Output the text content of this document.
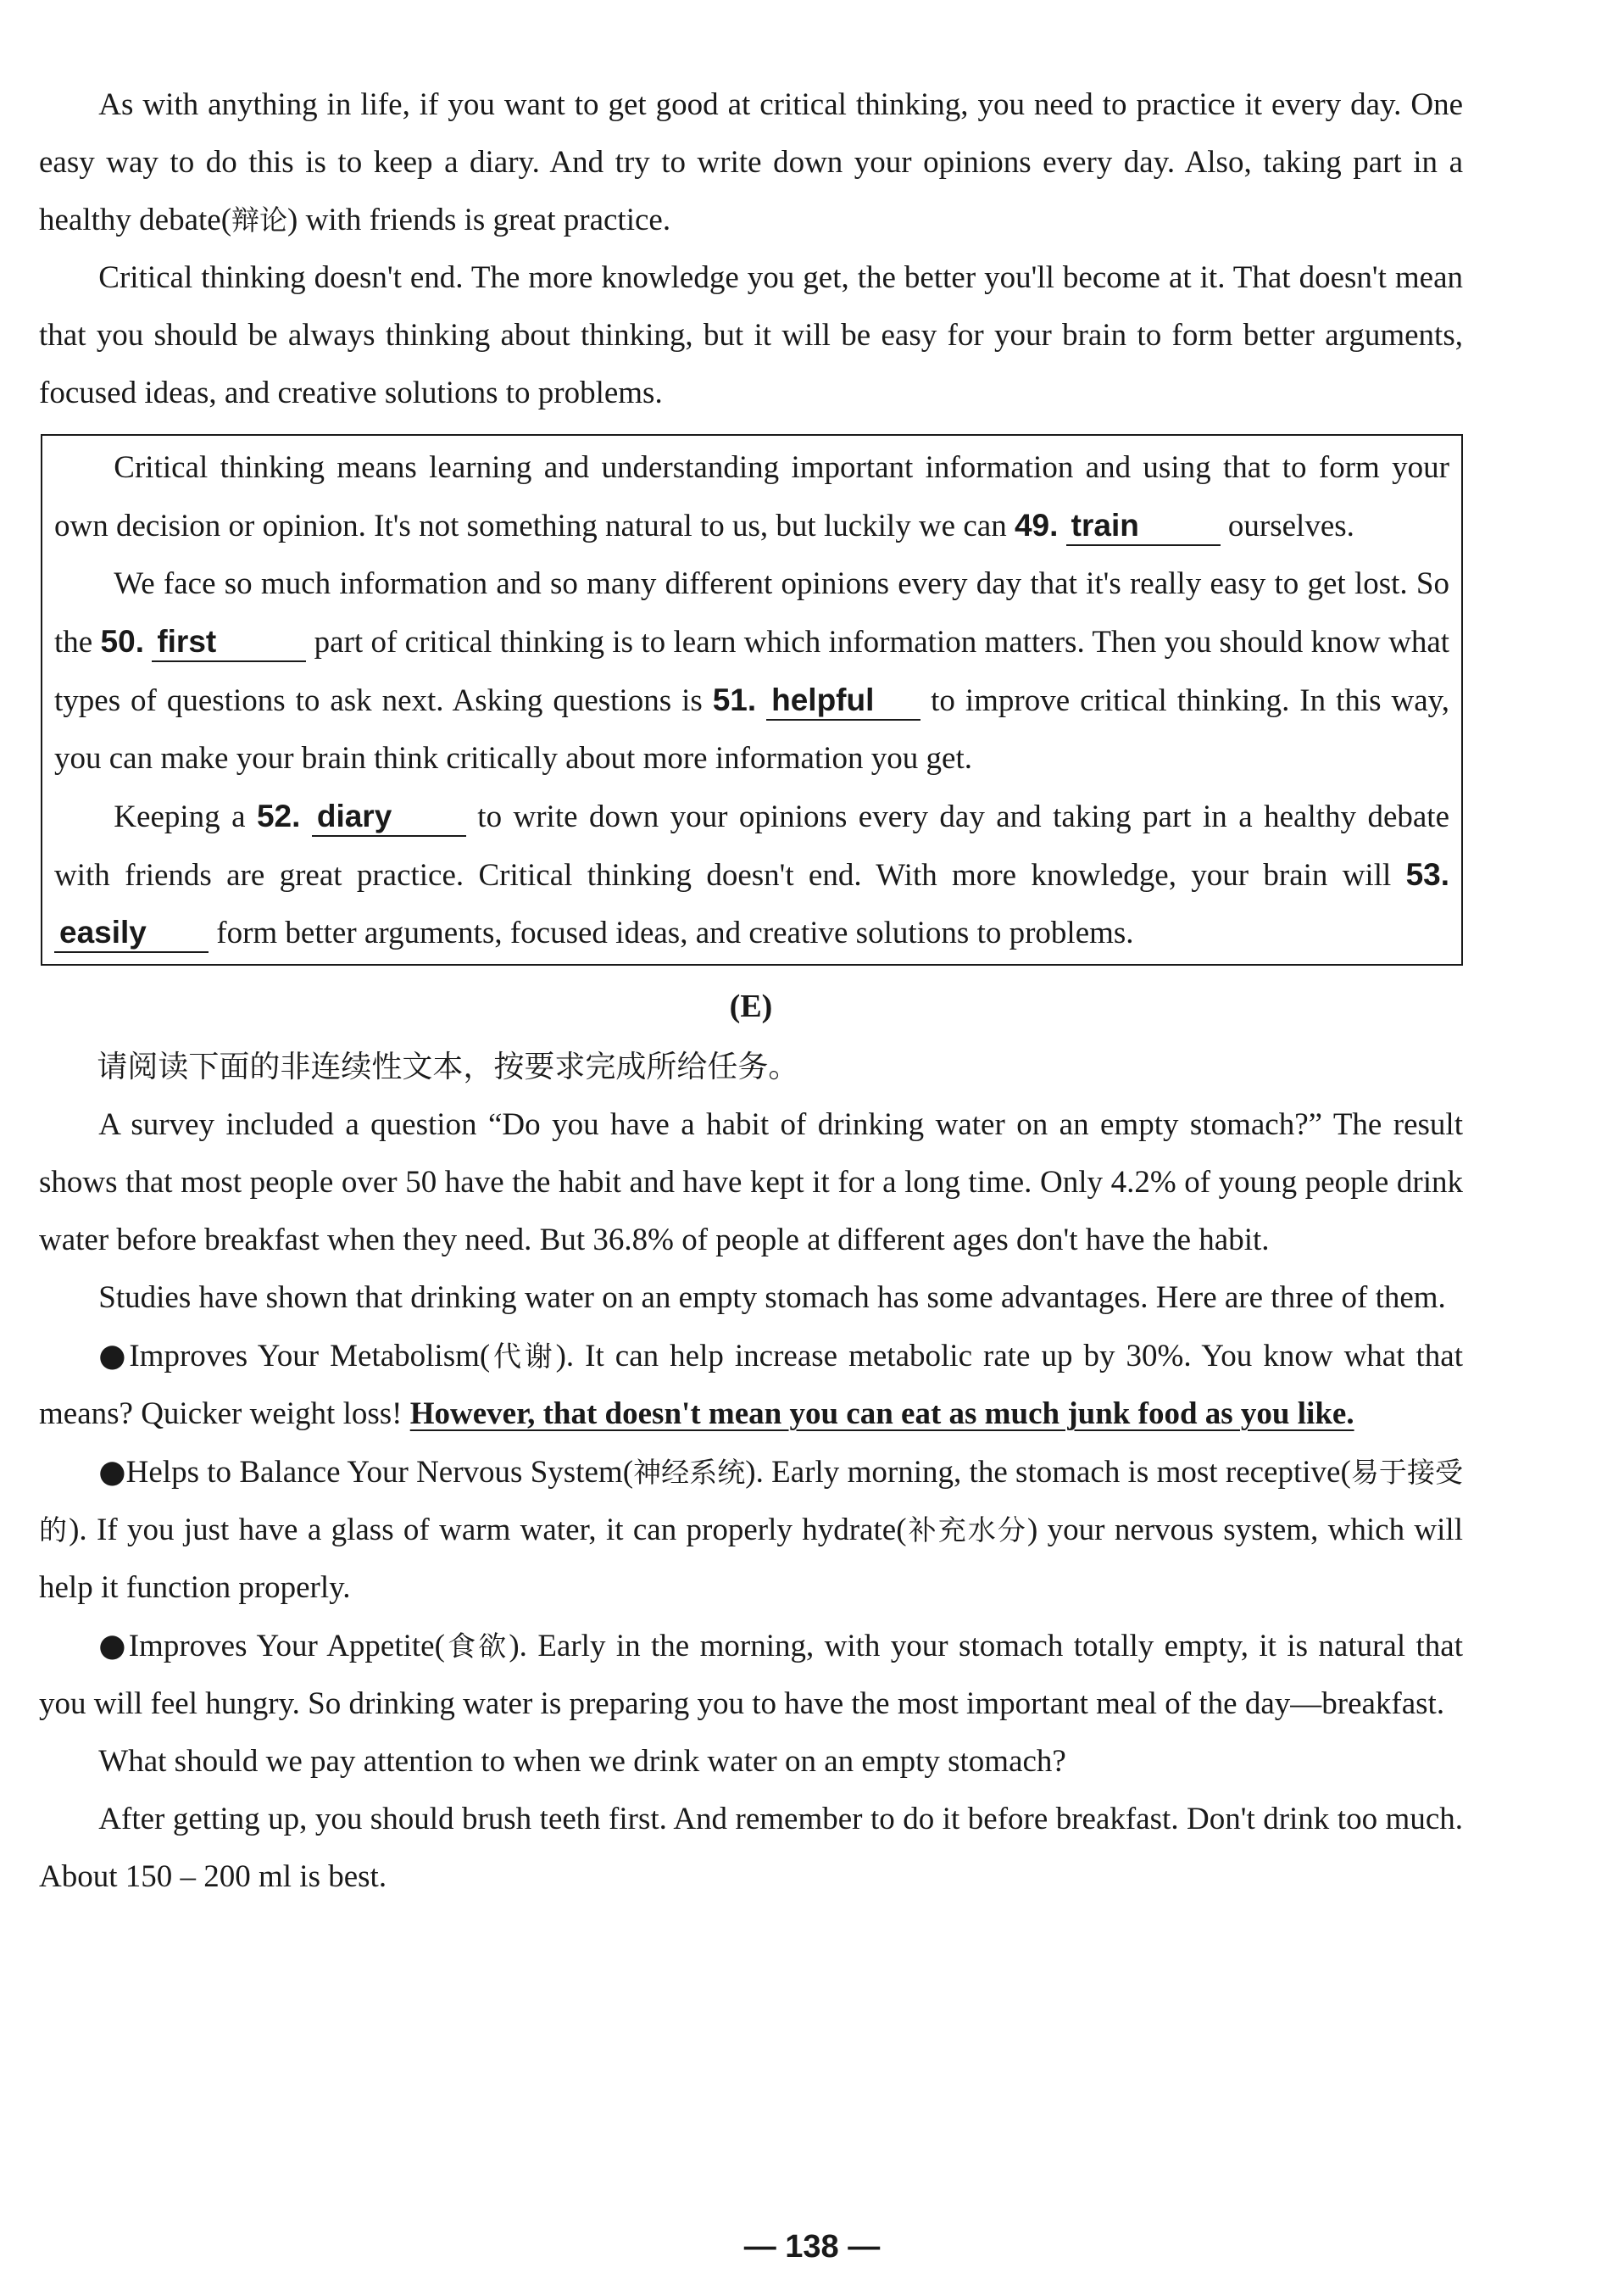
As with anything in life, if you want to get good at critical thinking, you need to practice it every day. One easy way to do this is to keep a diary. And try to write down your opinions every day. Also, taking part in a healthy debate(辩论) with friends is great practice.

Critical thinking doesn't end. The more knowledge you get, the better you'll become at it. That doesn't mean that you should be always thinking about thinking, but it will be easy for your brain to form better arguments, focused ideas, and creative solutions to problems.

Critical thinking means learning and understanding important information and using that to form your own decision or opinion. It's not something natural to us, but luckily we can 49. train	ourselves.

We face so much information and so many different opinions every day that it's really easy to get lost. So the 50. first	part of critical thinking is to learn which information matters. Then you should know what types of questions to ask next. Asking questions is 51. helpful to improve critical thinking. In this way, you can make your brain think critically about more information you get.

Keeping a 52. diary to write down your opinions every day and taking part in a healthy debate with friends are great practice. Critical thinking doesn't end. With more knowledge, your brain will 53. easily form better arguments, focused ideas, and creative solutions to problems.

(E)

请阅读下面的非连续性文本，按要求完成所给任务。

A survey included a question “Do you have a habit of drinking water on an empty stomach?” The result shows that most people over 50 have the habit and have kept it for a long time. Only 4.2% of young people drink water before breakfast when they need. But 36.8% of people at different ages don't have the habit.

Studies have shown that drinking water on an empty stomach has some advantages. Here are three of them.

●Improves Your Metabolism(代谢). It can help increase metabolic rate up by 30%. You know what that means? Quicker weight loss! However, that doesn't mean you can eat as much junk food as you like.

●Helps to Balance Your Nervous System(神经系统). Early morning, the stomach is most receptive(易于接受的). If you just have a glass of warm water, it can properly hydrate(补充水分) your nervous system, which will help it function properly.

●Improves Your Appetite(食欲). Early in the morning, with your stomach totally empty, it is natural that you will feel hungry. So drinking water is preparing you to have the most important meal of the day—breakfast.

What should we pay attention to when we drink water on an empty stomach?

After getting up, you should brush teeth first. And remember to do it before breakfast. Don't drink too much. About 150 – 200 ml is best.

— 138 —
